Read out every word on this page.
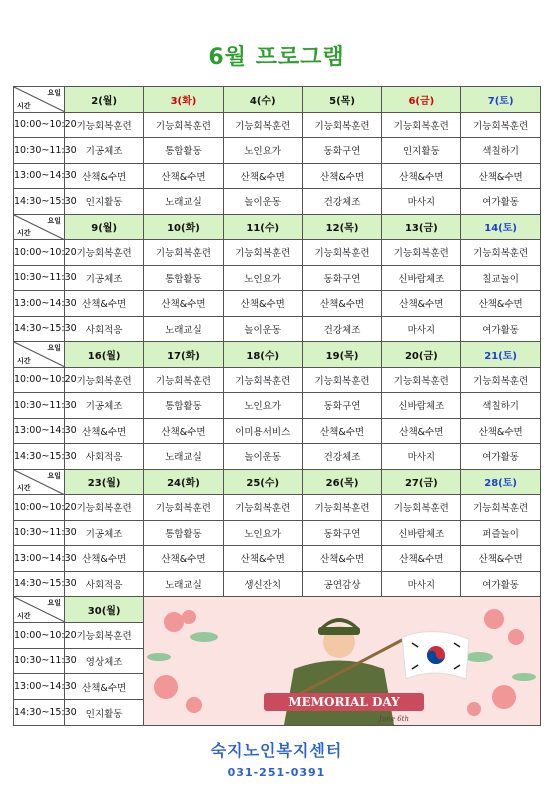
6월 프로그램
요일
시간	2(월)	3(화)	4(수)	5(목)	6(금)	7(토)
10:00~10:20	기능회복훈련	기능회복훈련	기능회복훈련	기능회복훈련	기능회복훈련	기능회복훈련
10:30~11:30	기공체조	통합활동	노인요가	동화구연	인지활동	색칠하기
13:00~14:30	산책&수면	산책&수면	산책&수면	산책&수면	산책&수면	산책&수면
14:30~15:30	인지활동	노래교실	놀이운동	건강체조	마사지	여가활동

요일
시간	9(월)	10(화)	11(수)	12(목)	13(금)	14(토)
10:00~10:20	기능회복훈련	기능회복훈련	기능회복훈련	기능회복훈련	기능회복훈련	기능회복훈련
10:30~11:30	기공체조	통합활동	노인요가	동화구연	신바람체조	칠교놀이
13:00~14:30	산책&수면	산책&수면	산책&수면	산책&수면	산책&수면	산책&수면
14:30~15:30	사회적응	노래교실	놀이운동	건강체조	마사지	여가활동

요일
시간	16(월)	17(화)	18(수)	19(목)	20(금)	21(토)
10:00~10:20	기능회복훈련	기능회복훈련	기능회복훈련	기능회복훈련	기능회복훈련	기능회복훈련
10:30~11:30	기공체조	통합활동	노인요가	동화구연	신바람체조	색칠하기
13:00~14:30	산책&수면	산책&수면	이미용서비스	산책&수면	산책&수면	산책&수면
14:30~15:30	사회적응	노래교실	놀이운동	건강체조	마사지	여가활동

요일
시간	23(월)	24(화)	25(수)	26(목)	27(금)	28(토)
10:00~10:20	기능회복훈련	기능회복훈련	기능회복훈련	기능회복훈련	기능회복훈련	기능회복훈련
10:30~11:30	기공체조	통합활동	노인요가	동화구연	신바람체조	퍼즐놀이
13:00~14:30	산책&수면	산책&수면	산책&수면	산책&수면	산책&수면	산책&수면
14:30~15:30	사회적응	노래교실	생신잔치	공연감상	마사지	여가활동

요일
시간	30(월)	MEMORIAL DAY
June 6th				

10:00~10:20	기능회복훈련					
10:30~11:30	영상체조					
13:00~14:30	산책&수면					
14:30~15:30	인지활동					
숙지노인복지센터
031-251-0391
